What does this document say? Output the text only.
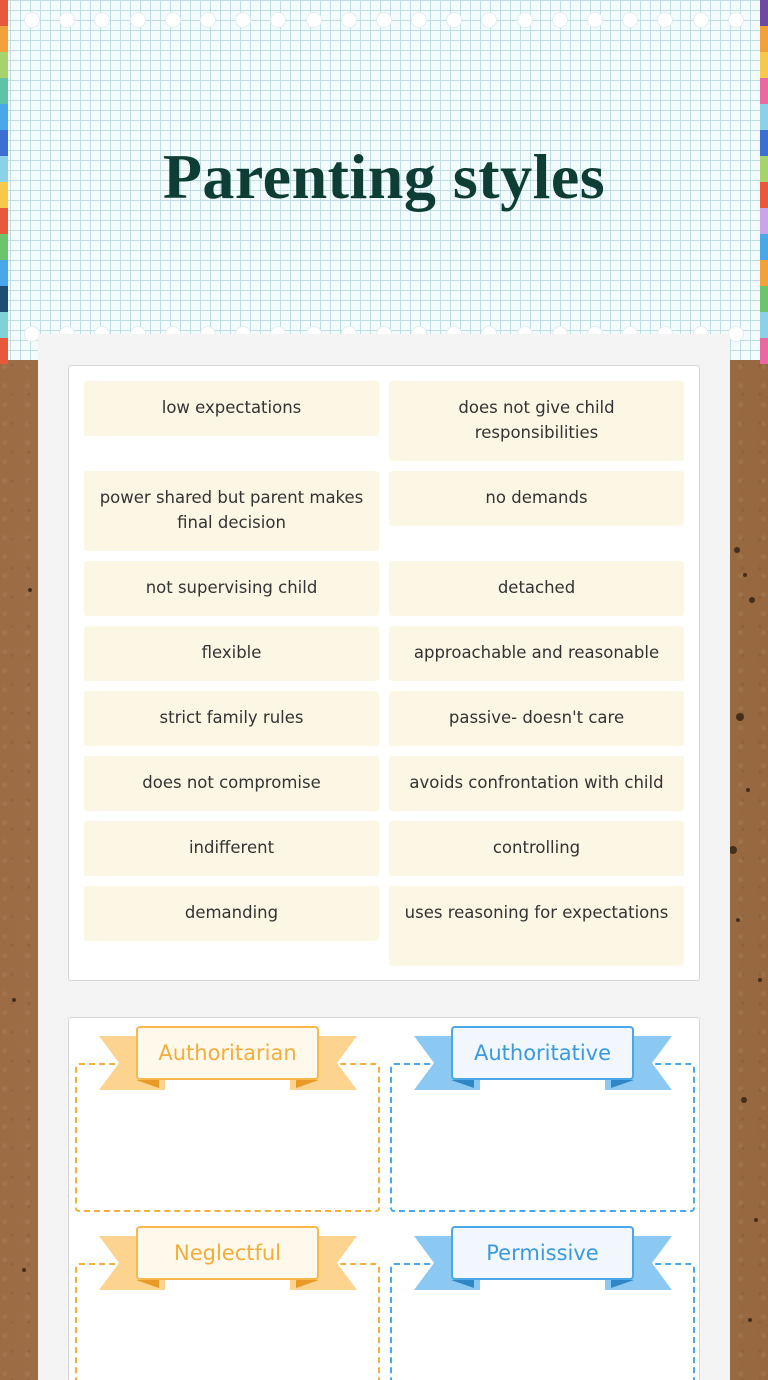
Parenting styles
low expectations	does not give child responsibilities
power shared but parent makes final decision
no demands
not supervising child	detached
flexible	approachable and reasonable
strict family rules	passive- doesn't care
does not compromise	avoids confrontation with child
indifferent	controlling
demanding	uses reasoning for expectations
Authoritarian	Authoritative
Neglectful	Permissive
